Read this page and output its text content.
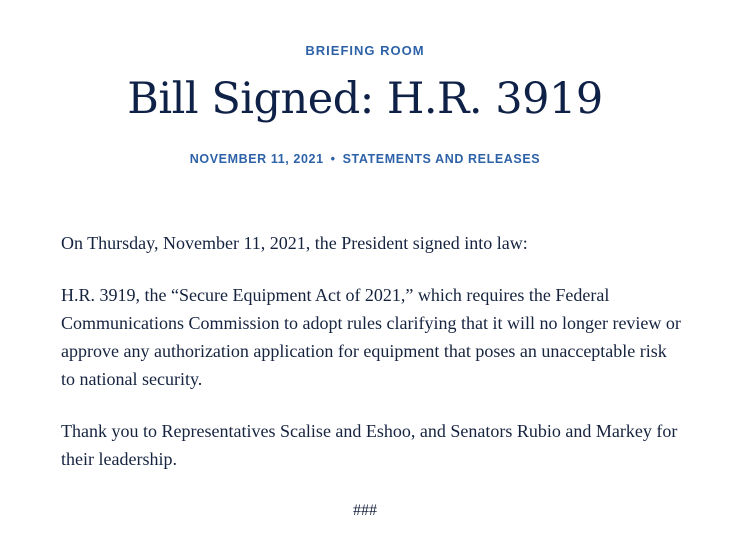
BRIEFING ROOM
Bill Signed: H.R. 3919
NOVEMBER 11, 2021 • STATEMENTS AND RELEASES

On Thursday, November 11, 2021, the President signed into law:

H.R. 3919, the “Secure Equipment Act of 2021,” which requires the Federal Communications Commission to adopt rules clarifying that it will no longer review or approve any authorization application for equipment that poses an unacceptable risk to national security.

Thank you to Representatives Scalise and Eshoo, and Senators Rubio and Markey for their leadership.

###
